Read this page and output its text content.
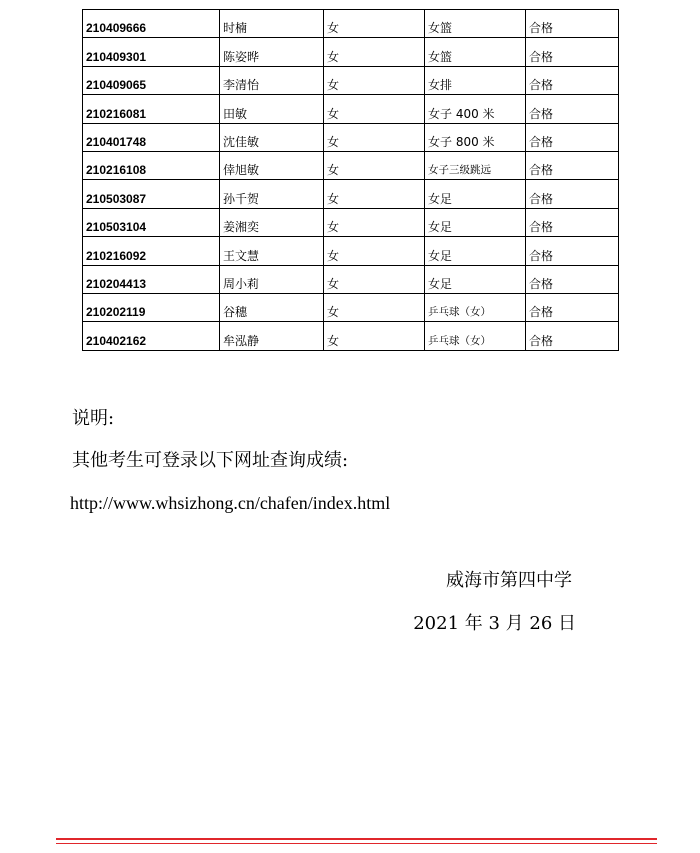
210409666	时楠	女	女篮	合格
210409301	陈姿晔	女	女篮	合格
210409065	李清怡	女	女排	合格
210216081	田敏	女	女子 400 米	合格
210401748	沈佳敏	女	女子 800 米	合格
210216108	倖旭敏	女	女子三级跳远	合格
210503087	孙千贺	女	女足	合格
210503104	姜湘奕	女	女足	合格
210216092	王文慧	女	女足	合格
210204413	周小莉	女	女足	合格
210202119	谷穗	女	乒乓球（女）	合格
210402162	牟泓静	女	乒乓球（女）	合格
说明:
其他考生可登录以下网址查询成绩:
http://www.whsizhong.cn/chafen/index.html
威海市第四中学
2021 年 3 月 26 日
